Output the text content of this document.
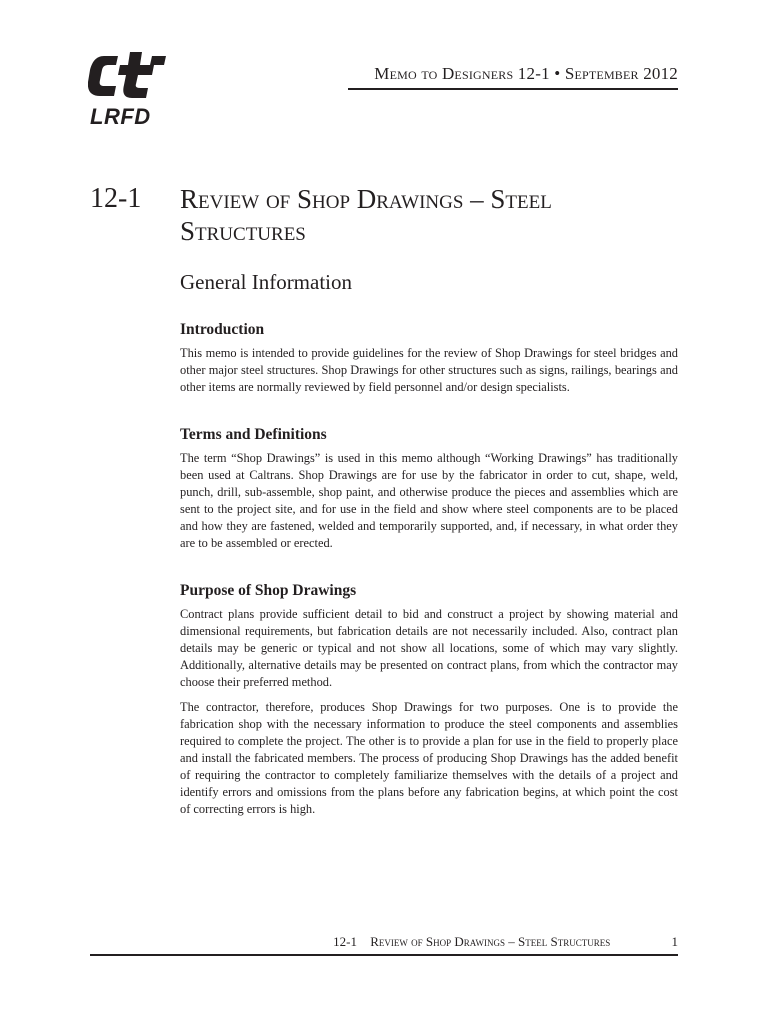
LRFD
Memo to Designers 12-1 • September 2012
12-1 Review of Shop Drawings – Steel Structures
General Information
Introduction

This memo is intended to provide guidelines for the review of Shop Drawings for steel bridges and other major steel structures. Shop Drawings for other structures such as signs, railings, bearings and other items are normally reviewed by field personnel and/or design specialists.

Terms and Definitions

The term “Shop Drawings” is used in this memo although “Working Drawings” has traditionally been used at Caltrans. Shop Drawings are for use by the fabricator in order to cut, shape, weld, punch, drill, sub-assemble, shop paint, and otherwise produce the pieces and assemblies which are sent to the project site, and for use in the field and show where steel components are to be placed and how they are fastened, welded and temporarily supported, and, if necessary, in what order they are to be assembled or erected.

Purpose of Shop Drawings

Contract plans provide sufficient detail to bid and construct a project by showing material and dimensional requirements, but fabrication details are not necessarily included. Also, contract plan details may be generic or typical and not show all locations, some of which may vary slightly. Additionally, alternative details may be presented on contract plans, from which the contractor may choose their preferred method.

The contractor, therefore, produces Shop Drawings for two purposes. One is to provide the fabrication shop with the necessary information to produce the steel components and assemblies required to complete the project. The other is to provide a plan for use in the field to properly place and install the fabricated members. The process of producing Shop Drawings has the added benefit of requiring the contractor to completely familiarize themselves with the details of a project and identify errors and omissions from the plans before any fabrication begins, at which point the cost of correcting errors is high.

12-1 Review of Shop Drawings – Steel Structures	1
